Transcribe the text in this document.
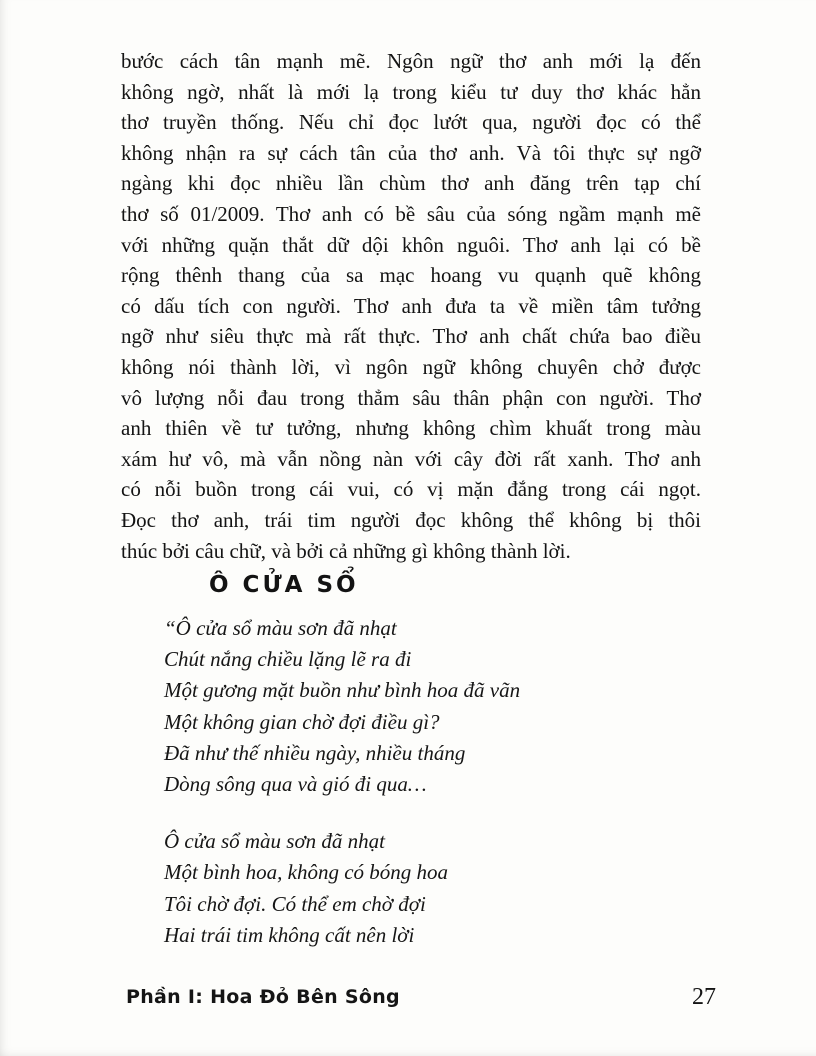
bước cách tân mạnh mẽ. Ngôn ngữ thơ anh mới lạ đến
không ngờ, nhất là mới lạ trong kiểu tư duy thơ khác hẳn
thơ truyền thống. Nếu chỉ đọc lướt qua, người đọc có thể
không nhận ra sự cách tân của thơ anh. Và tôi thực sự ngỡ
ngàng khi đọc nhiều lần chùm thơ anh đăng trên tạp chí
thơ số 01/2009. Thơ anh có bề sâu của sóng ngầm mạnh mẽ
với những quặn thắt dữ dội khôn nguôi. Thơ anh lại có bề
rộng thênh thang của sa mạc hoang vu quạnh quẽ không
có dấu tích con người. Thơ anh đưa ta về miền tâm tưởng
ngỡ như siêu thực mà rất thực. Thơ anh chất chứa bao điều
không nói thành lời, vì ngôn ngữ không chuyên chở được
vô lượng nỗi đau trong thẳm sâu thân phận con người. Thơ
anh thiên về tư tưởng, nhưng không chìm khuất trong màu
xám hư vô, mà vẫn nồng nàn với cây đời rất xanh. Thơ anh
có nỗi buồn trong cái vui, có vị mặn đắng trong cái ngọt.
Đọc thơ anh, trái tim người đọc không thể không bị thôi
thúc bởi câu chữ, và bởi cả những gì không thành lời.
Ô CỬA SỔ
“Ô cửa sổ màu sơn đã nhạt
Chút nắng chiều lặng lẽ ra đi
Một gương mặt buồn như bình hoa đã vãn
Một không gian chờ đợi điều gì?
Đã như thế nhiều ngày, nhiều tháng
Dòng sông qua và gió đi qua…
Ô cửa sổ màu sơn đã nhạt
Một bình hoa, không có bóng hoa
Tôi chờ đợi. Có thể em chờ đợi
Hai trái tim không cất nên lời
Phần I: Hoa Đỏ Bên Sông	27
